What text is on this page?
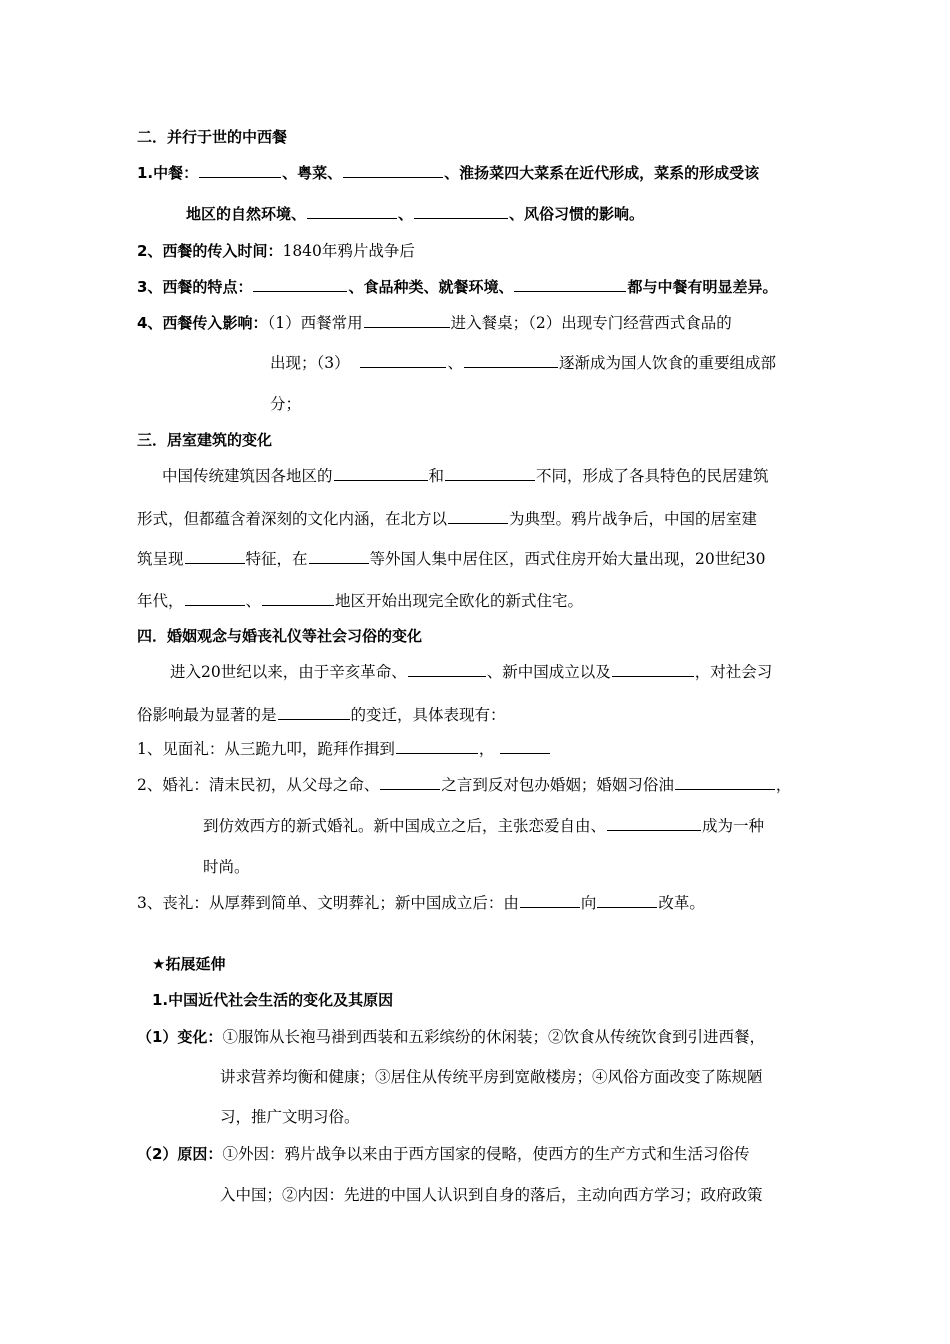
二．并行于世的中西餐
1.中餐：	、粤菜、	、淮扬菜四大菜系在近代形成，菜系的形成受该
地区的自然环境、	、	、风俗习惯的影响。
2、西餐的传入时间：1840年鸦片战争后
3、西餐的特点：	、食品种类、就餐环境、	都与中餐有明显差异。
4、西餐传入影响：（1）西餐常用	进入餐桌；（2）出现专门经营西式食品的
出现；（3）	、	逐渐成为国人饮食的重要组成部
分；
三．居室建筑的变化
中国传统建筑因各地区的	和	不同，形成了各具特色的民居建筑
形式，但都蕴含着深刻的文化内涵，在北方以	为典型。鸦片战争后，中国的居室建
筑呈现	特征，在	等外国人集中居住区，西式住房开始大量出现，20世纪30
年代，	、	地区开始出现完全欧化的新式住宅。
四．婚姻观念与婚丧礼仪等社会习俗的变化
进入20世纪以来，由于辛亥革命、	、新中国成立以及	，对社会习
俗影响最为显著的是	的变迁，具体表现有：
1、见面礼：从三跪九叩，跪拜作揖到	，
2、婚礼：清末民初，从父母之命、	之言到反对包办婚姻；婚姻习俗油	，
到仿效西方的新式婚礼。新中国成立之后，主张恋爱自由、	成为一种
时尚。
3、丧礼：从厚葬到简单、文明葬礼；新中国成立后：由	向	改革。
★拓展延伸
1.中国近代社会生活的变化及其原因
（1）变化：①服饰从长袍马褂到西装和五彩缤纷的休闲装；②饮食从传统饮食到引进西餐，
讲求营养均衡和健康；③居住从传统平房到宽敞楼房；④风俗方面改变了陈规陋
习，推广文明习俗。
（2）原因：①外因：鸦片战争以来由于西方国家的侵略，使西方的生产方式和生活习俗传
入中国；②内因：先进的中国人认识到自身的落后，主动向西方学习；政府政策
